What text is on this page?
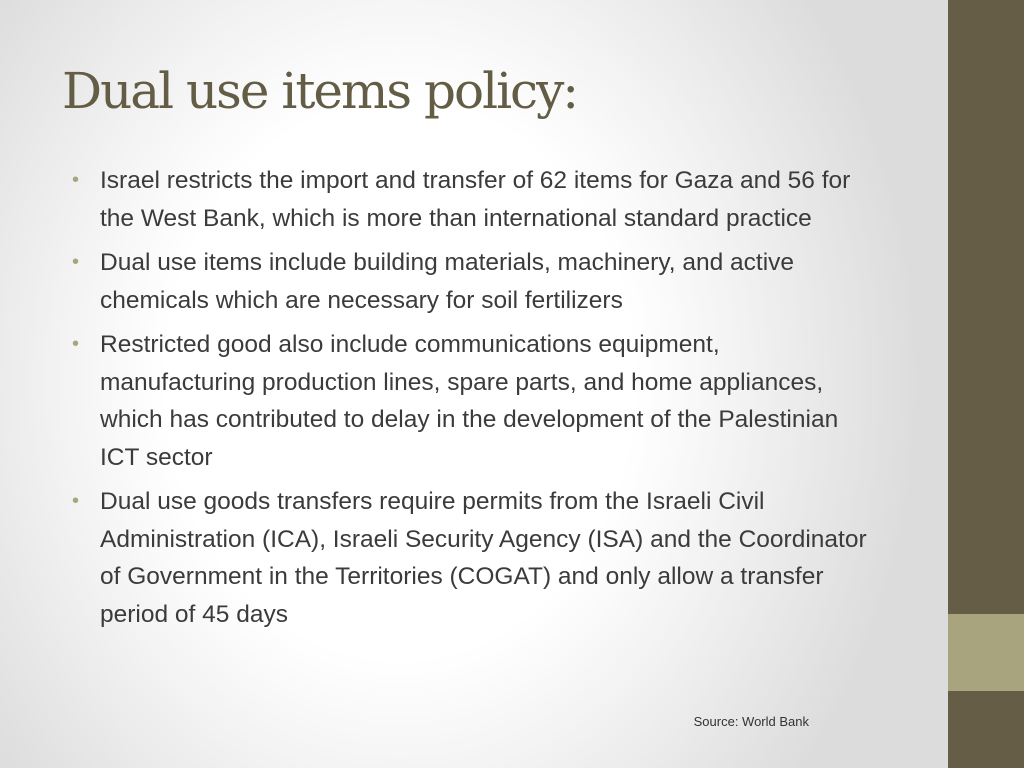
Dual use items policy:
• Israel restricts the import and transfer of 62 items for Gaza and 56 for the West Bank, which is more than international standard practice
• Dual use items include building materials, machinery, and active chemicals which are necessary for soil fertilizers
• Restricted good also include communications equipment, manufacturing production lines, spare parts, and home appliances, which has contributed to delay in the development of the Palestinian ICT sector
• Dual use goods transfers require permits from the Israeli Civil Administration (ICA), Israeli Security Agency (ISA) and the Coordinator of Government in the Territories (COGAT) and only allow a transfer period of 45 days
Source: World Bank
